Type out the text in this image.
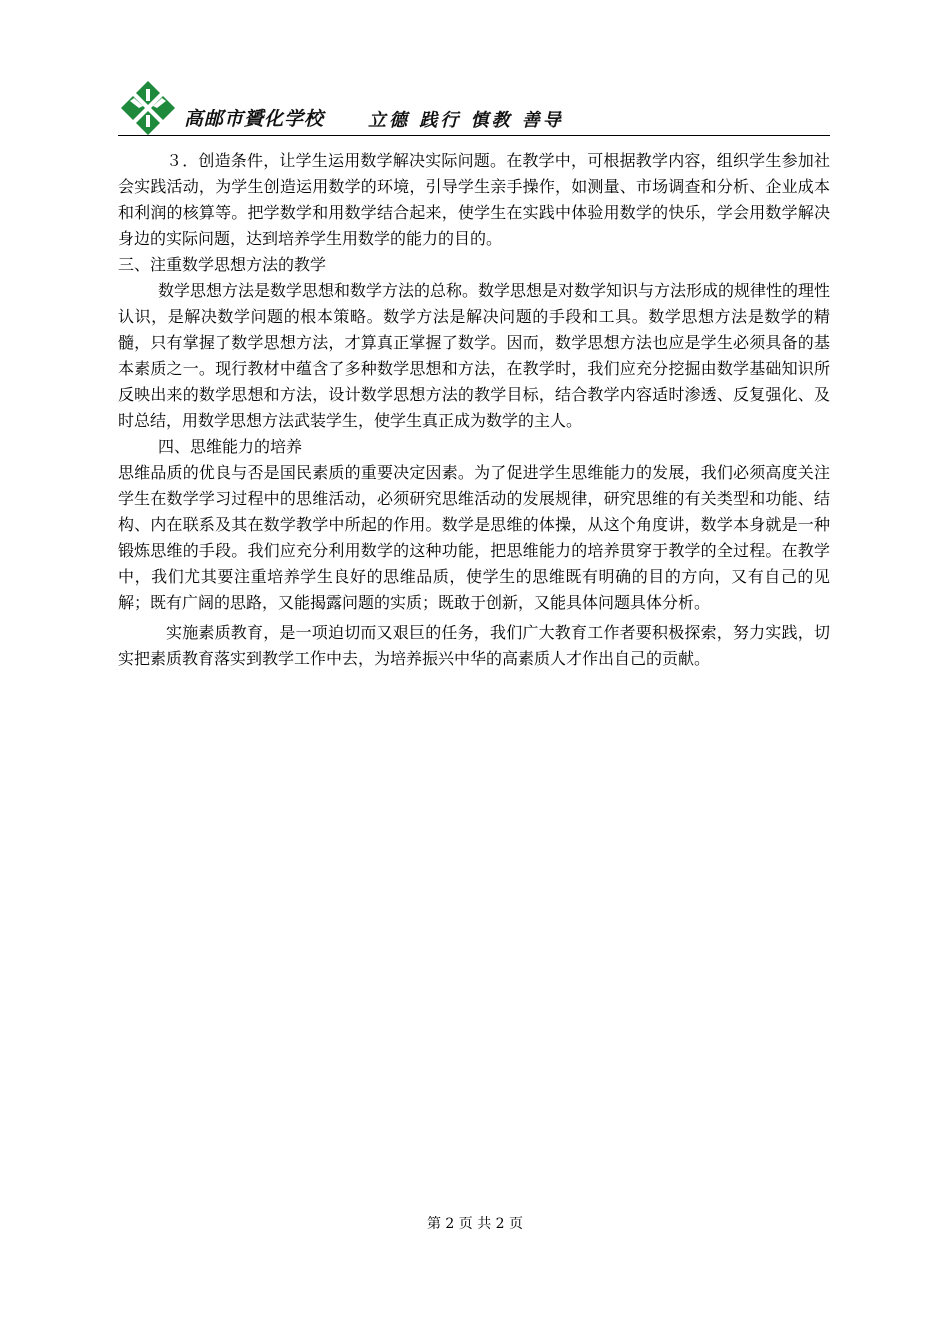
高邮市贇化学校 立德 践行 慎教 善导

３．创造条件，让学生运用数学解决实际问题。在教学中，可根据教学内容，组织学生参加社会实践活动，为学生创造运用数学的环境，引导学生亲手操作，如测量、市场调查和分析、企业成本和利润的核算等。把学数学和用数学结合起来，使学生在实践中体验用数学的快乐，学会用数学解决身边的实际问题，达到培养学生用数学的能力的目的。

三、注重数学思想方法的教学

数学思想方法是数学思想和数学方法的总称。数学思想是对数学知识与方法形成的规律性的理性认识，是解决数学问题的根本策略。数学方法是解决问题的手段和工具。数学思想方法是数学的精髓，只有掌握了数学思想方法，才算真正掌握了数学。因而，数学思想方法也应是学生必须具备的基本素质之一。现行教材中蕴含了多种数学思想和方法，在教学时，我们应充分挖掘由数学基础知识所反映出来的数学思想和方法，设计数学思想方法的教学目标，结合教学内容适时渗透、反复强化、及时总结，用数学思想方法武装学生，使学生真正成为数学的主人。

四、思维能力的培养

思维品质的优良与否是国民素质的重要决定因素。为了促进学生思维能力的发展，我们必须高度关注学生在数学学习过程中的思维活动，必须研究思维活动的发展规律，研究思维的有关类型和功能、结构、内在联系及其在数学教学中所起的作用。数学是思维的体操，从这个角度讲，数学本身就是一种锻炼思维的手段。我们应充分利用数学的这种功能，把思维能力的培养贯穿于教学的全过程。在教学中，我们尤其要注重培养学生良好的思维品质，使学生的思维既有明确的目的方向，又有自己的见解；既有广阔的思路，又能揭露问题的实质；既敢于创新，又能具体问题具体分析。

实施素质教育，是一项迫切而又艰巨的任务，我们广大教育工作者要积极探索，努力实践，切实把素质教育落实到教学工作中去，为培养振兴中华的高素质人才作出自己的贡献。

第 2 页 共 2 页
